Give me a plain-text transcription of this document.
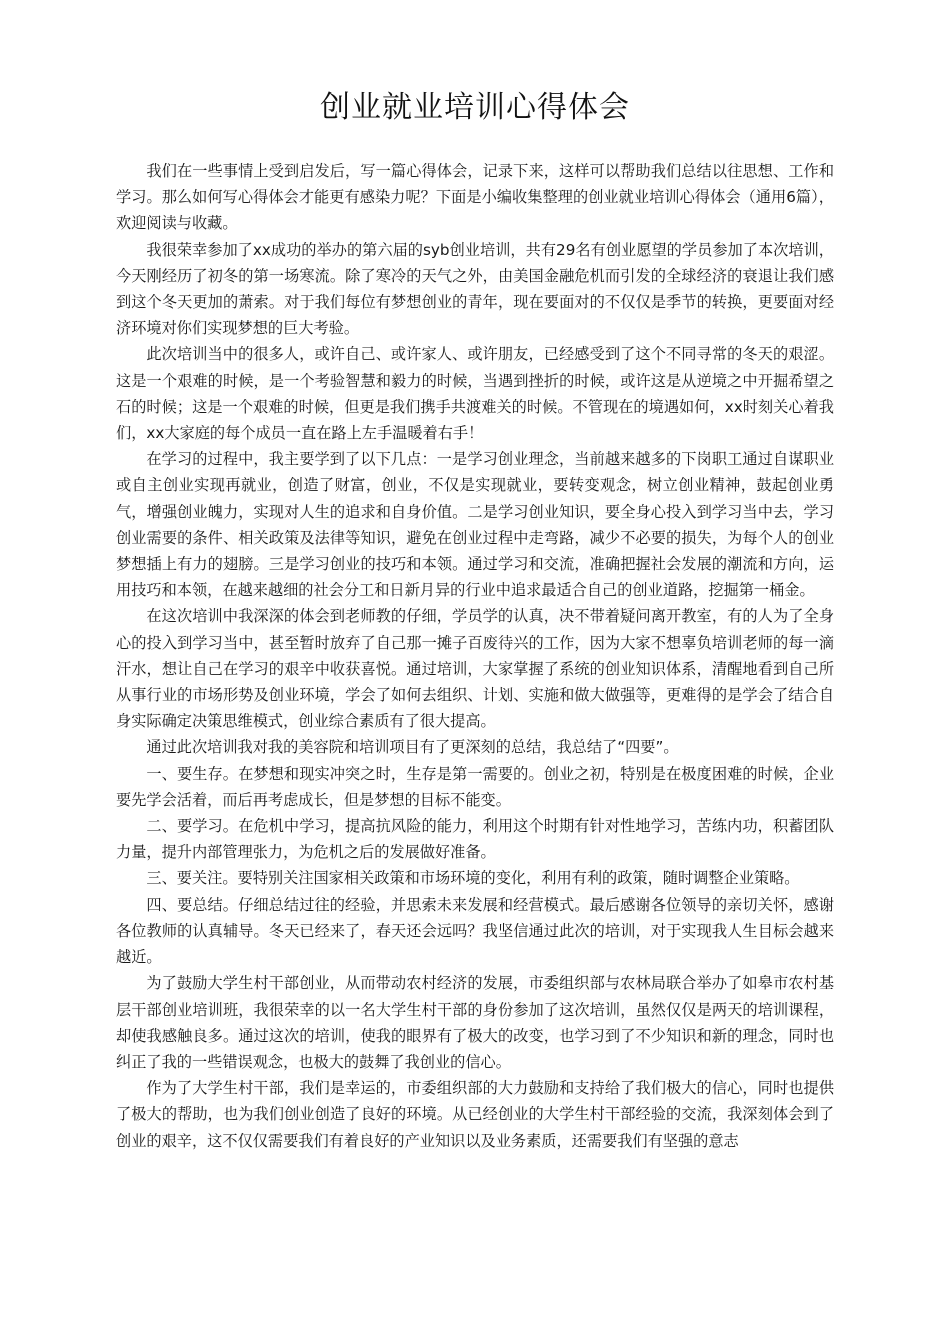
创业就业培训心得体会

我们在一些事情上受到启发后，写一篇心得体会，记录下来，这样可以帮助我们总结以往思想、工作和学习。那么如何写心得体会才能更有感染力呢？下面是小编收集整理的创业就业培训心得体会（通用6篇），欢迎阅读与收藏。

我很荣幸参加了xx成功的举办的第六届的syb创业培训，共有29名有创业愿望的学员参加了本次培训，今天刚经历了初冬的第一场寒流。除了寒冷的天气之外，由美国金融危机而引发的全球经济的衰退让我们感到这个冬天更加的萧索。对于我们每位有梦想创业的青年，现在要面对的不仅仅是季节的转换，更要面对经济环境对你们实现梦想的巨大考验。

此次培训当中的很多人，或许自己、或许家人、或许朋友，已经感受到了这个不同寻常的冬天的艰涩。这是一个艰难的时候，是一个考验智慧和毅力的时候，当遇到挫折的时候，或许这是从逆境之中开掘希望之石的时候；这是一个艰难的时候，但更是我们携手共渡难关的时候。不管现在的境遇如何，xx时刻关心着我们，xx大家庭的每个成员一直在路上左手温暖着右手！

在学习的过程中，我主要学到了以下几点：一是学习创业理念，当前越来越多的下岗职工通过自谋职业或自主创业实现再就业，创造了财富，创业，不仅是实现就业，要转变观念，树立创业精神，鼓起创业勇气，增强创业魄力，实现对人生的追求和自身价值。二是学习创业知识，要全身心投入到学习当中去，学习创业需要的条件、相关政策及法律等知识，避免在创业过程中走弯路，减少不必要的损失，为每个人的创业梦想插上有力的翅膀。三是学习创业的技巧和本领。通过学习和交流，准确把握社会发展的潮流和方向，运用技巧和本领，在越来越细的社会分工和日新月异的行业中追求最适合自己的创业道路，挖掘第一桶金。

在这次培训中我深深的体会到老师教的仔细，学员学的认真，决不带着疑问离开教室，有的人为了全身心的投入到学习当中，甚至暂时放弃了自己那一摊子百废待兴的工作，因为大家不想辜负培训老师的每一滴汗水，想让自己在学习的艰辛中收获喜悦。通过培训，大家掌握了系统的创业知识体系，清醒地看到自己所从事行业的市场形势及创业环境，学会了如何去组织、计划、实施和做大做强等，更难得的是学会了结合自身实际确定决策思维模式，创业综合素质有了很大提高。

通过此次培训我对我的美容院和培训项目有了更深刻的总结，我总结了“四要”。

一、要生存。在梦想和现实冲突之时，生存是第一需要的。创业之初，特别是在极度困难的时候，企业要先学会活着，而后再考虑成长，但是梦想的目标不能变。

二、要学习。在危机中学习，提高抗风险的能力，利用这个时期有针对性地学习，苦练内功，积蓄团队力量，提升内部管理张力，为危机之后的发展做好准备。

三、要关注。要特别关注国家相关政策和市场环境的变化，利用有利的政策，随时调整企业策略。

四、要总结。仔细总结过往的经验，并思索未来发展和经营模式。最后感谢各位领导的亲切关怀，感谢各位教师的认真辅导。冬天已经来了，春天还会远吗？我坚信通过此次的培训，对于实现我人生目标会越来越近。

为了鼓励大学生村干部创业，从而带动农村经济的发展，市委组织部与农林局联合举办了如皋市农村基层干部创业培训班，我很荣幸的以一名大学生村干部的身份参加了这次培训，虽然仅仅是两天的培训课程，却使我感触良多。通过这次的培训，使我的眼界有了极大的改变，也学习到了不少知识和新的理念，同时也纠正了我的一些错误观念，也极大的鼓舞了我创业的信心。

作为了大学生村干部，我们是幸运的，市委组织部的大力鼓励和支持给了我们极大的信心，同时也提供了极大的帮助，也为我们创业创造了良好的环境。从已经创业的大学生村干部经验的交流，我深刻体会到了创业的艰辛，这不仅仅需要我们有着良好的产业知识以及业务素质，还需要我们有坚强的意志
